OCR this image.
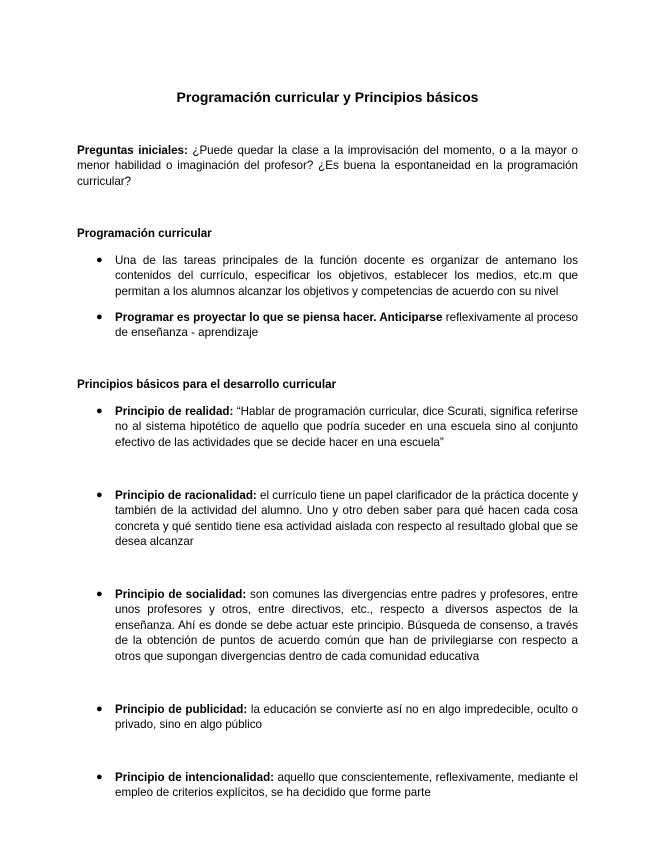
Programación curricular y Principios básicos
Preguntas iniciales: ¿Puede quedar la clase a la improvisación del momento, o a la mayor o menor habilidad o imaginación del profesor? ¿Es buena la espontaneidad en la programación curricular?
Programación curricular
● Una de las tareas principales de la función docente es organizar de antemano los contenidos del currículo, especificar los objetivos, establecer los medios, etc.m que permitan a los alumnos alcanzar los objetivos y competencias de acuerdo con su nivel
● Programar es proyectar lo que se piensa hacer. Anticiparse reflexivamente al proceso de enseñanza - aprendizaje
Principios básicos para el desarrollo curricular
● Principio de realidad: “Hablar de programación curricular, dice Scurati, significa referirse no al sistema hipotético de aquello que podría suceder en una escuela sino al conjunto efectivo de las actividades que se decide hacer en una escuela”
● Principio de racionalidad: el currículo tiene un papel clarificador de la práctica docente y también de la actividad del alumno. Uno y otro deben saber para qué hacen cada cosa concreta y qué sentido tiene esa actividad aislada con respecto al resultado global que se desea alcanzar
● Principio de socialidad: son comunes las divergencias entre padres y profesores, entre unos profesores y otros, entre directivos, etc., respecto a diversos aspectos de la enseñanza. Ahí es donde se debe actuar este principio. Búsqueda de consenso, a través de la obtención de puntos de acuerdo común que han de privilegiarse con respecto a otros que supongan divergencias dentro de cada comunidad educativa
● Principio de publicidad: la educación se convierte así no en algo impredecible, oculto o privado, sino en algo público
● Principio de intencionalidad: aquello que conscientemente, reflexivamente, mediante el empleo de criterios explícitos, se ha decidido que forme parte
